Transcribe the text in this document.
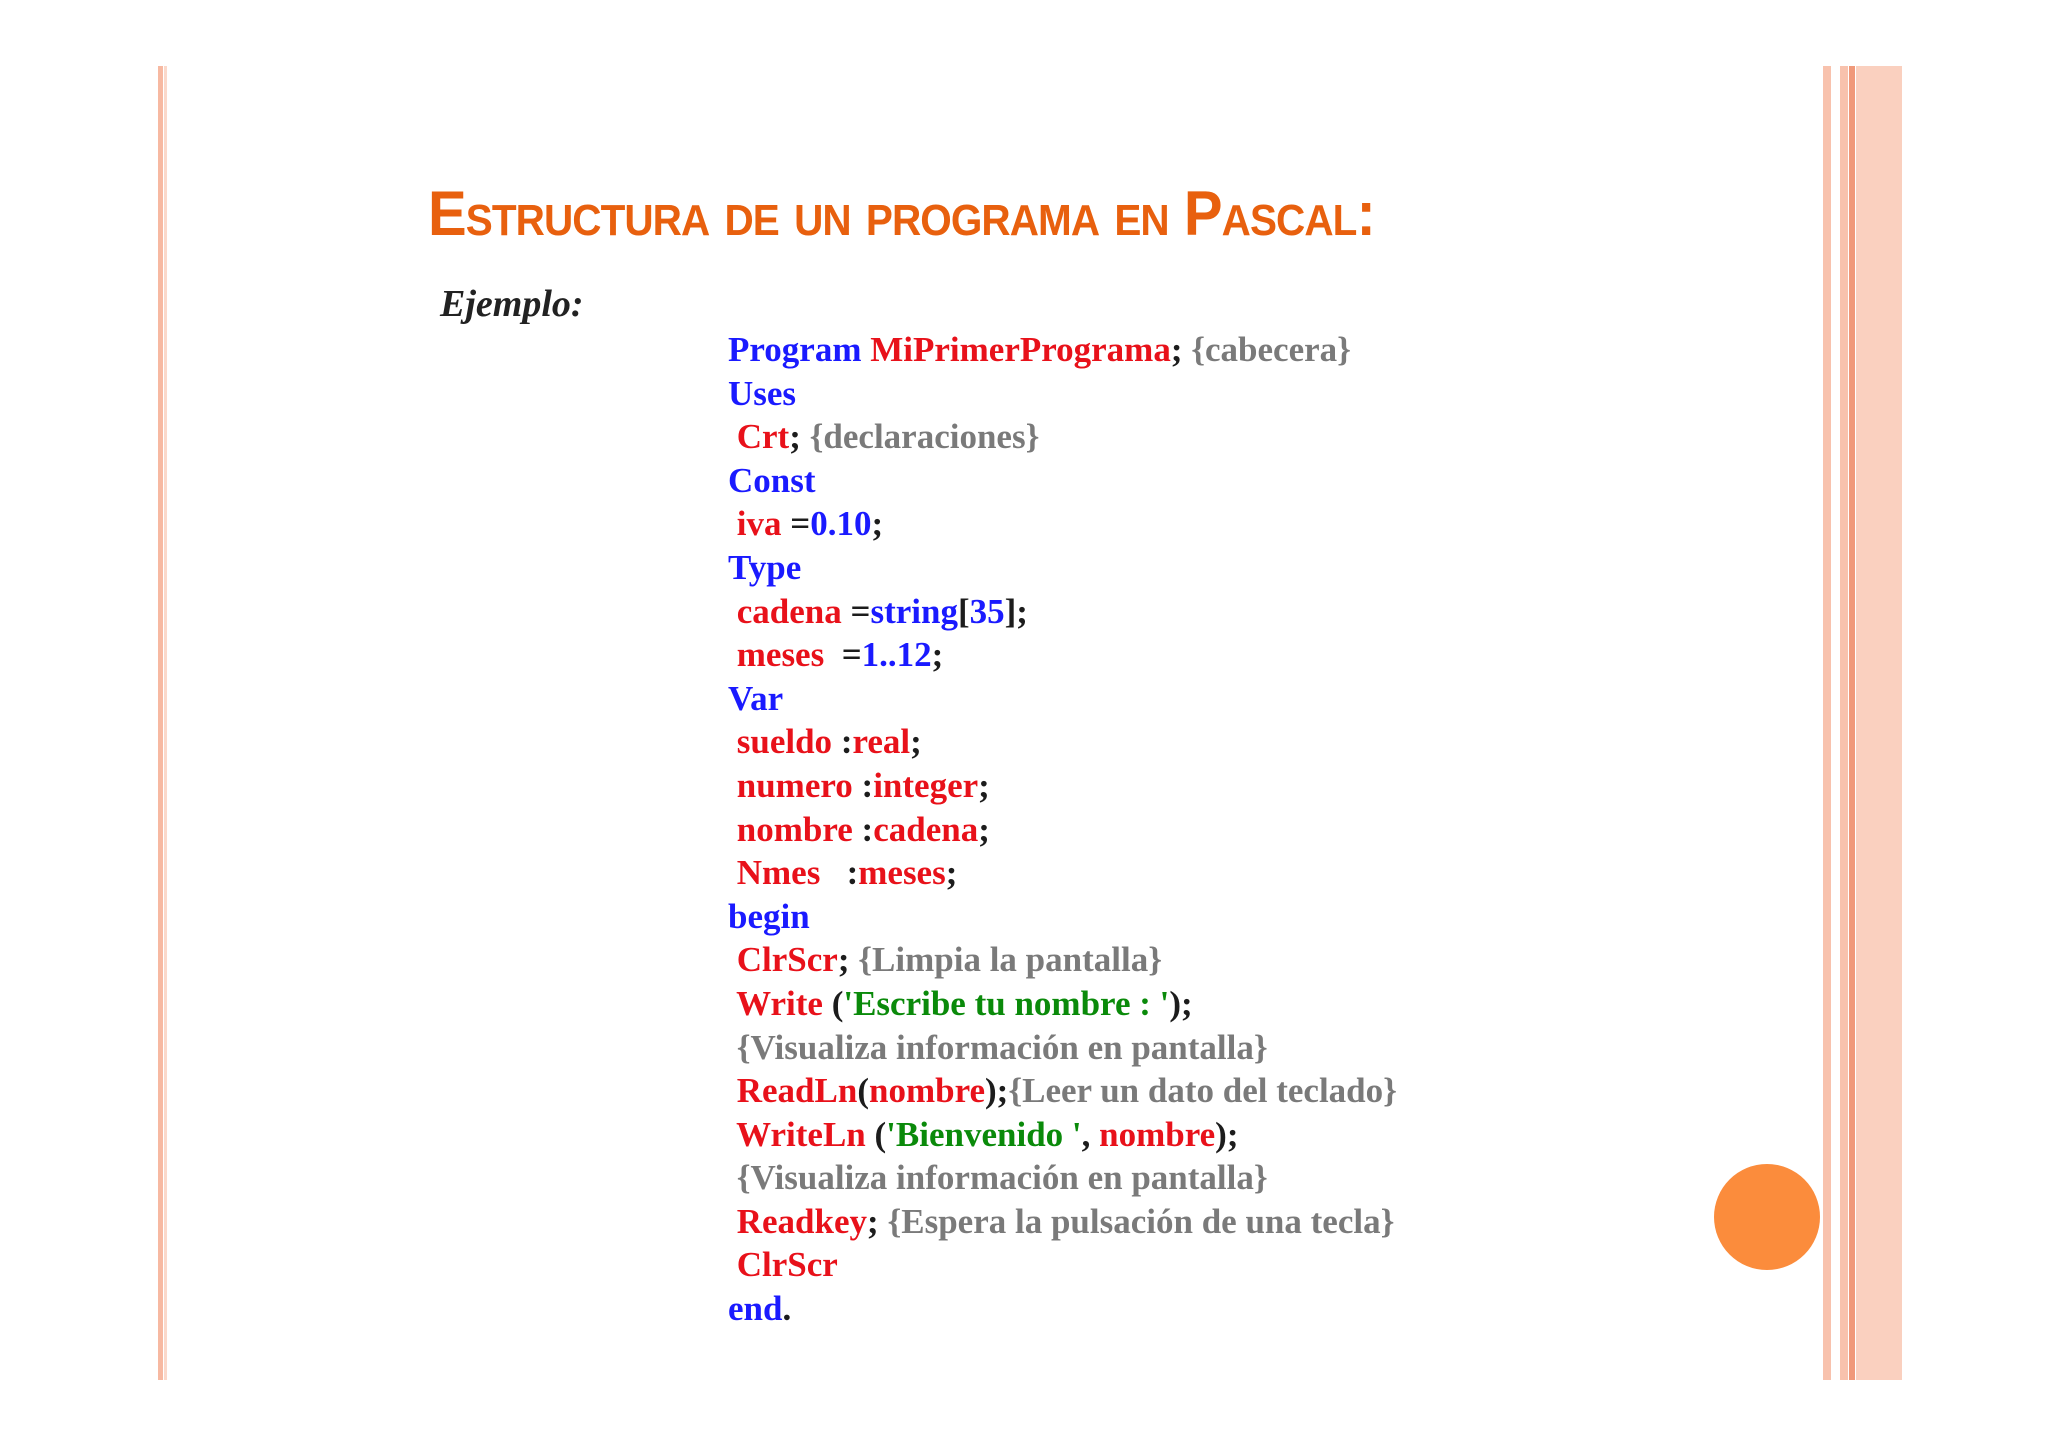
Estructura de un programa en Pascal:
Ejemplo:
Program MiPrimerPrograma; {cabecera}
Uses
Crt; {declaraciones}
Const
iva =0.10;
Type
cadena =string[35];
meses  =1..12;
Var
sueldo :real;
numero :integer;
nombre :cadena;
Nmes   :meses;
begin
ClrScr; {Limpia la pantalla}
Write ('Escribe tu nombre : ');
{Visualiza información en pantalla}
ReadLn(nombre);{Leer un dato del teclado}
WriteLn ('Bienvenido ', nombre);
{Visualiza información en pantalla}
Readkey; {Espera la pulsación de una tecla}
ClrScr
end.
